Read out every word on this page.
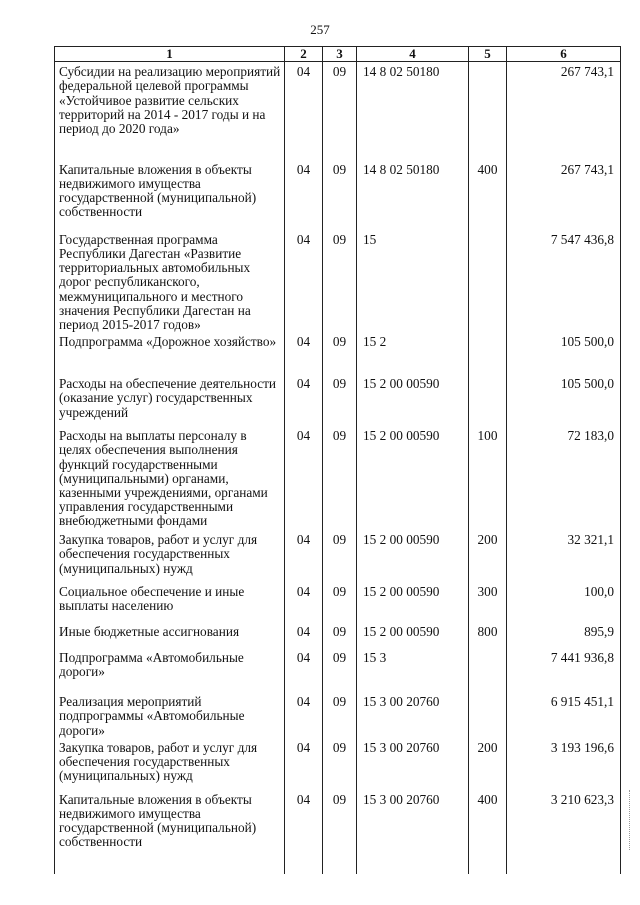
257
1	2	3	4	5	6
Субсидии на реализацию мероприятий федеральной целевой программы «Устойчивое развитие сельских территорий на 2014 - 2017 годы и на период до 2020 года»	04	09	14 8 02 50180		267 743,1
Капитальные вложения в объекты недвижимого имущества государственной (муниципальной) собственности	04	09	14 8 02 50180	400	267 743,1
Государственная программа Республики Дагестан «Развитие территориальных автомобильных дорог республиканского, межмуниципального и местного значения Республики Дагестан на период 2015-2017 годов»	04	09	15		7 547 436,8
Подпрограмма «Дорожное хозяйство»	04	09	15 2		105 500,0
Расходы на обеспечение деятельности (оказание услуг) государственных учреждений	04	09	15 2 00 00590		105 500,0
Расходы на выплаты персоналу в целях обеспечения выполнения функций государственными (муниципальными) органами, казенными учреждениями, органами управления государственными внебюджетными фондами	04	09	15 2 00 00590	100	72 183,0
Закупка товаров, работ и услуг для обеспечения государственных (муниципальных) нужд	04	09	15 2 00 00590	200	32 321,1
Социальное обеспечение и иные выплаты населению	04	09	15 2 00 00590	300	100,0
Иные бюджетные ассигнования	04	09	15 2 00 00590	800	895,9
Подпрограмма «Автомобильные дороги»	04	09	15 3		7 441 936,8
Реализация мероприятий подпрограммы «Автомобильные дороги»	04	09	15 3 00 20760		6 915 451,1
Закупка товаров, работ и услуг для обеспечения государственных (муниципальных) нужд	04	09	15 3 00 20760	200	3 193 196,6
Капитальные вложения в объекты недвижимого имущества государственной (муниципальной) собственности	04	09	15 3 00 20760	400	3 210 623,3
